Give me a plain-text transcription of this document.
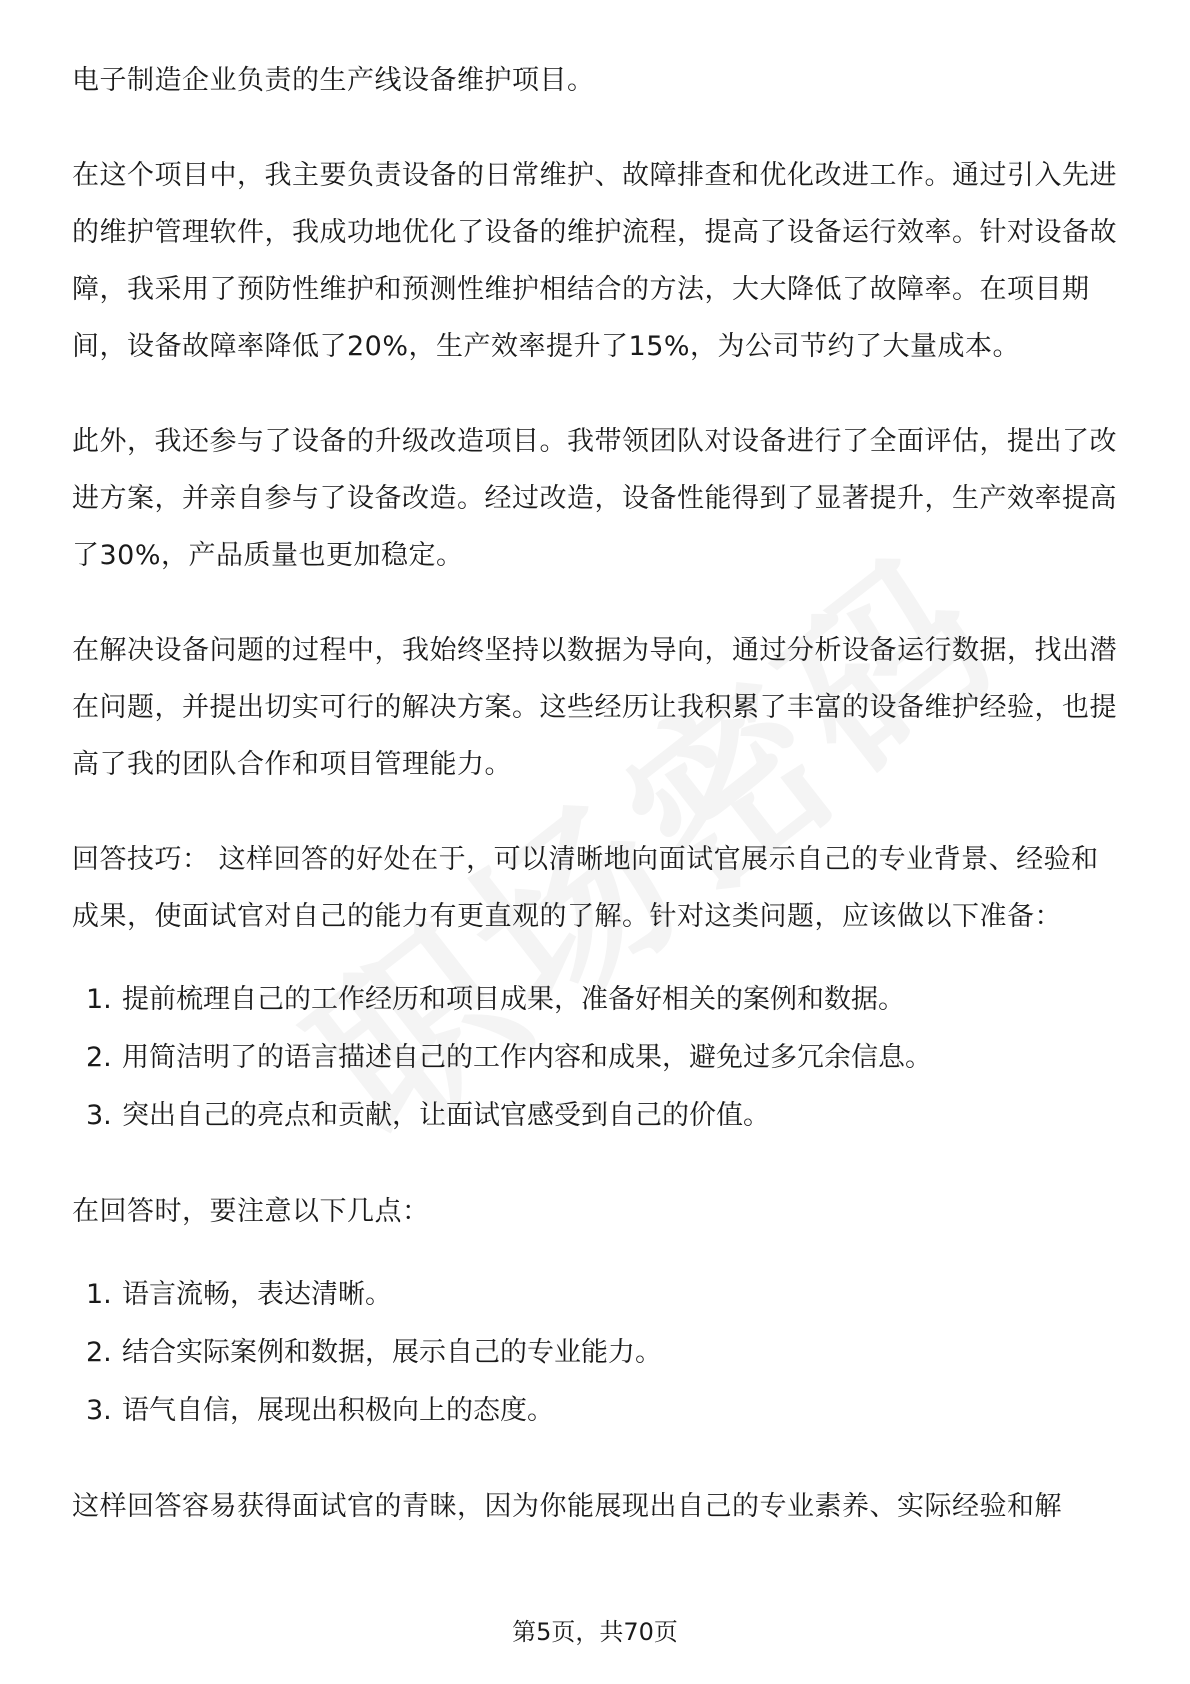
电子制造企业负责的生产线设备维护项目。

在这个项目中，我主要负责设备的日常维护、故障排查和优化改进工作。通过引入先进的维护管理软件，我成功地优化了设备的维护流程，提高了设备运行效率。针对设备故障，我采用了预防性维护和预测性维护相结合的方法，大大降低了故障率。在项目期间，设备故障率降低了20%，生产效率提升了15%，为公司节约了大量成本。

此外，我还参与了设备的升级改造项目。我带领团队对设备进行了全面评估，提出了改进方案，并亲自参与了设备改造。经过改造，设备性能得到了显著提升，生产效率提高了30%，产品质量也更加稳定。

在解决设备问题的过程中，我始终坚持以数据为导向，通过分析设备运行数据，找出潜在问题，并提出切实可行的解决方案。这些经历让我积累了丰富的设备维护经验，也提高了我的团队合作和项目管理能力。

回答技巧： 这样回答的好处在于，可以清晰地向面试官展示自己的专业背景、经验和成果，使面试官对自己的能力有更直观的了解。针对这类问题，应该做以下准备：

1. 提前梳理自己的工作经历和项目成果，准备好相关的案例和数据。
2. 用简洁明了的语言描述自己的工作内容和成果，避免过多冗余信息。
3. 突出自己的亮点和贡献，让面试官感受到自己的价值。

在回答时，要注意以下几点：

1. 语言流畅，表达清晰。
2. 结合实际案例和数据，展示自己的专业能力。
3. 语气自信，展现出积极向上的态度。

这样回答容易获得面试官的青睐，因为你能展现出自己的专业素养、实际经验和解

第5页，共70页
